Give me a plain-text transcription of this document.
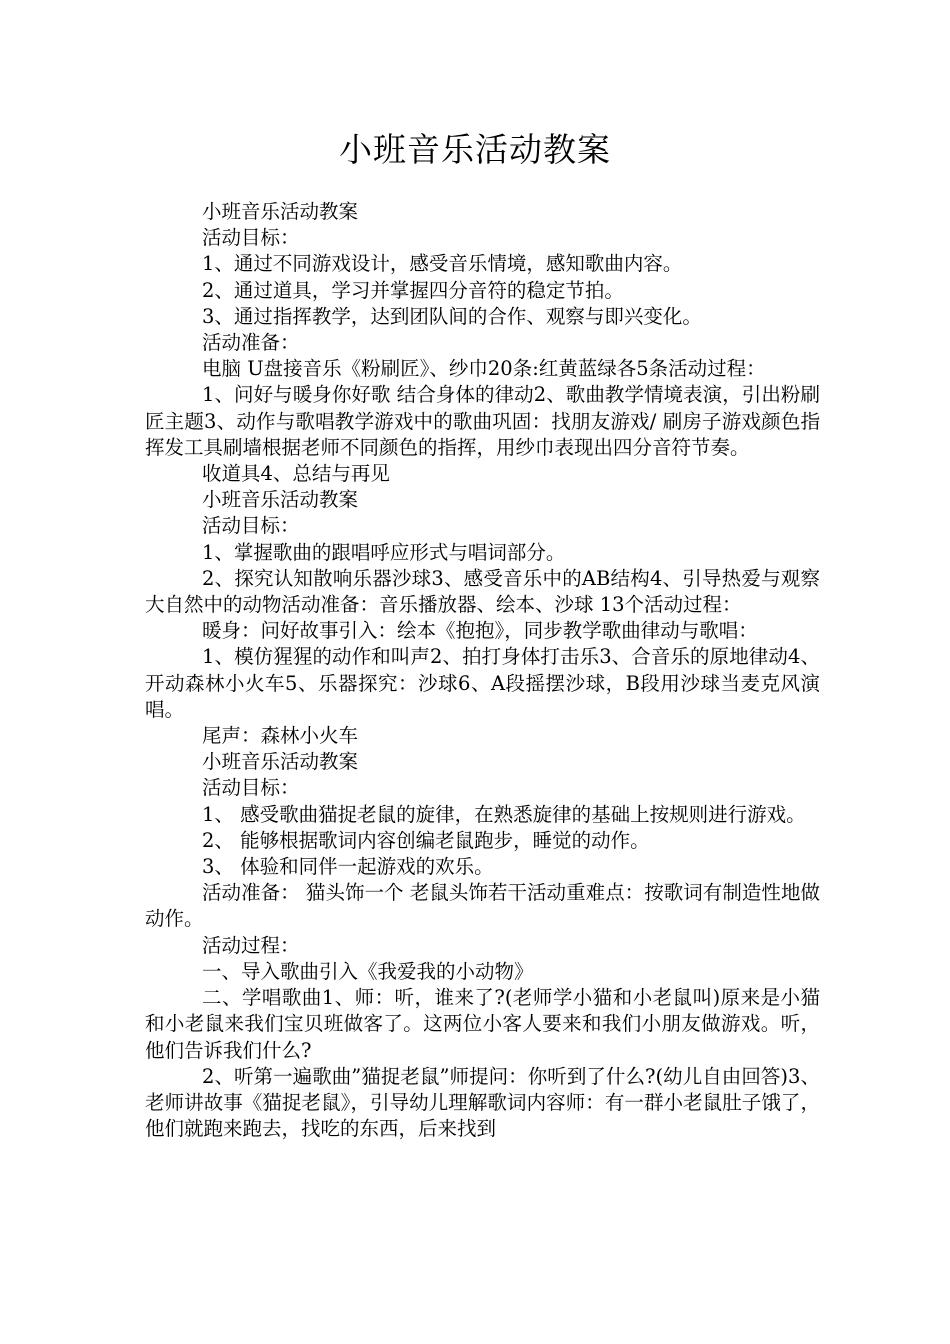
小班音乐活动教案

小班音乐活动教案

活动目标：

1、通过不同游戏设计，感受音乐情境，感知歌曲内容。

2、通过道具，学习并掌握四分音符的稳定节拍。

3、通过指挥教学，达到团队间的合作、观察与即兴变化。

活动准备：

电脑 U盘接音乐《粉刷匠》、纱巾20条:红黄蓝绿各5条活动过程：

1、问好与暖身你好歌 结合身体的律动2、歌曲教学情境表演，引出粉刷匠主题3、动作与歌唱教学游戏中的歌曲巩固：找朋友游戏/ 刷房子游戏颜色指挥发工具刷墙根据老师不同颜色的指挥，用纱巾表现出四分音符节奏。

收道具4、总结与再见

小班音乐活动教案

活动目标：

1、掌握歌曲的跟唱呼应形式与唱词部分。

2、探究认知散响乐器沙球3、感受音乐中的AB结构4、引导热爱与观察大自然中的动物活动准备：音乐播放器、绘本、沙球 13个活动过程：

暖身：问好故事引入：绘本《抱抱》，同步教学歌曲律动与歌唱：

1、模仿猩猩的动作和叫声2、拍打身体打击乐3、合音乐的原地律动4、开动森林小火车5、乐器探究：沙球6、A段摇摆沙球，B段用沙球当麦克风演唱。

尾声：森林小火车

小班音乐活动教案

活动目标：

1、 感受歌曲猫捉老鼠的旋律，在熟悉旋律的基础上按规则进行游戏。

2、 能够根据歌词内容创编老鼠跑步，睡觉的动作。

3、 体验和同伴一起游戏的欢乐。

活动准备： 猫头饰一个 老鼠头饰若干活动重难点：按歌词有制造性地做动作。

活动过程：

一、导入歌曲引入《我爱我的小动物》

二、学唱歌曲1、师：听，谁来了?(老师学小猫和小老鼠叫)原来是小猫和小老鼠来我们宝贝班做客了。这两位小客人要来和我们小朋友做游戏。听，他们告诉我们什么?

2、听第一遍歌曲”猫捉老鼠”师提问：你听到了什么?(幼儿自由回答)3、老师讲故事《猫捉老鼠》，引导幼儿理解歌词内容师：有一群小老鼠肚子饿了，他们就跑来跑去，找吃的东西，后来找到
